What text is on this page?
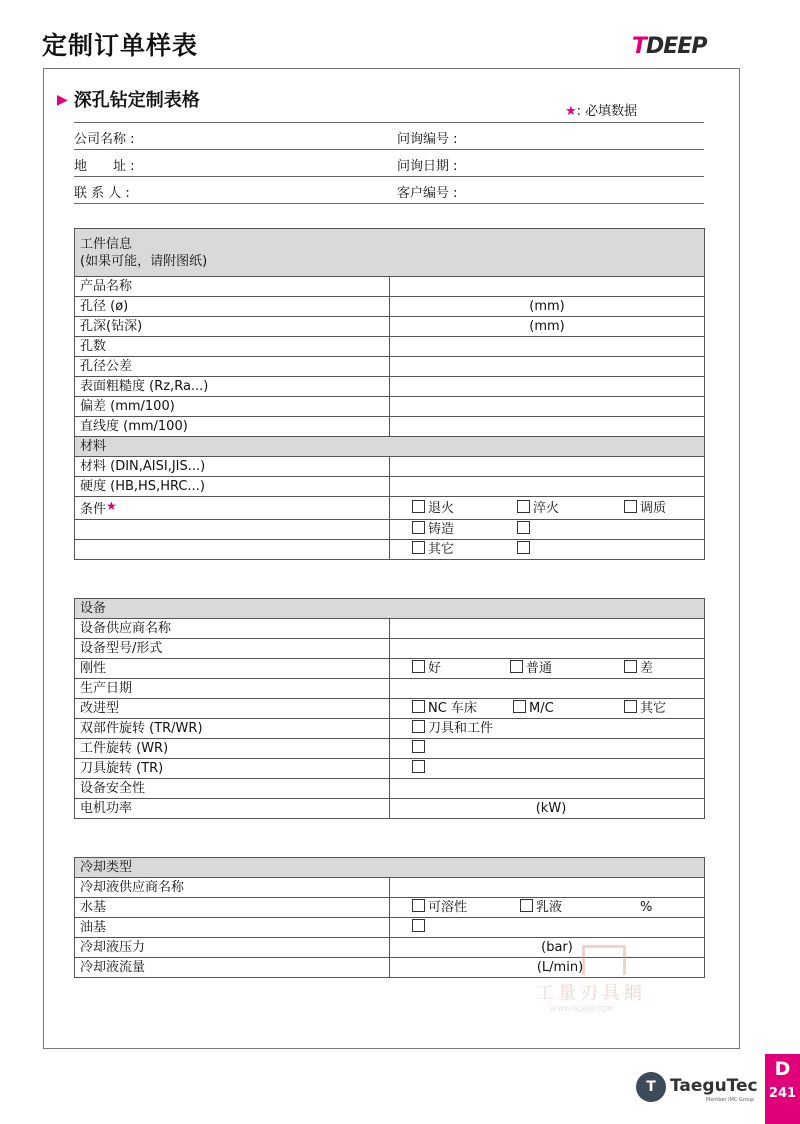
定制订单样表	TDEEP
▶ 深孔钻定制表格
★: 必填数据
公司名称 :	问询编号 :
地　　址 :	问询日期 :
联 系 人 :	客户编号 :
工件信息
(如果可能，请附图纸)	
产品名称	
孔径 (ø)	(mm)
孔深(钻深)	(mm)
孔数	
孔径公差	
表面粗糙度 (Rz,Ra...)	
偏差 (mm/100)	
直线度 (mm/100)	
材料	
材料 (DIN,AISI,JIS...)	
硬度 (HB,HS,HRC...)	
条件★	退火 淬火 调质
	铸造
	其它
设备	
设备供应商名称	
设备型号/形式	
刚性	好 普通 差
生产日期	
改进型	NC 车床 M/C 其它
双部件旋转 (TR/WR)	刀具和工件
工件旋转 (WR)	
刀具旋转 (TR)	
设备安全性	
电机功率	(kW)
冷却类型	
冷却液供应商名称	
水基	可溶性 乳液 %
油基	
冷却液压力	(bar)
冷却液流量	(L/min)
工量刃具網
WWW.GLRJW.COM
T TaeguTec
Member IMC Group
D
241
